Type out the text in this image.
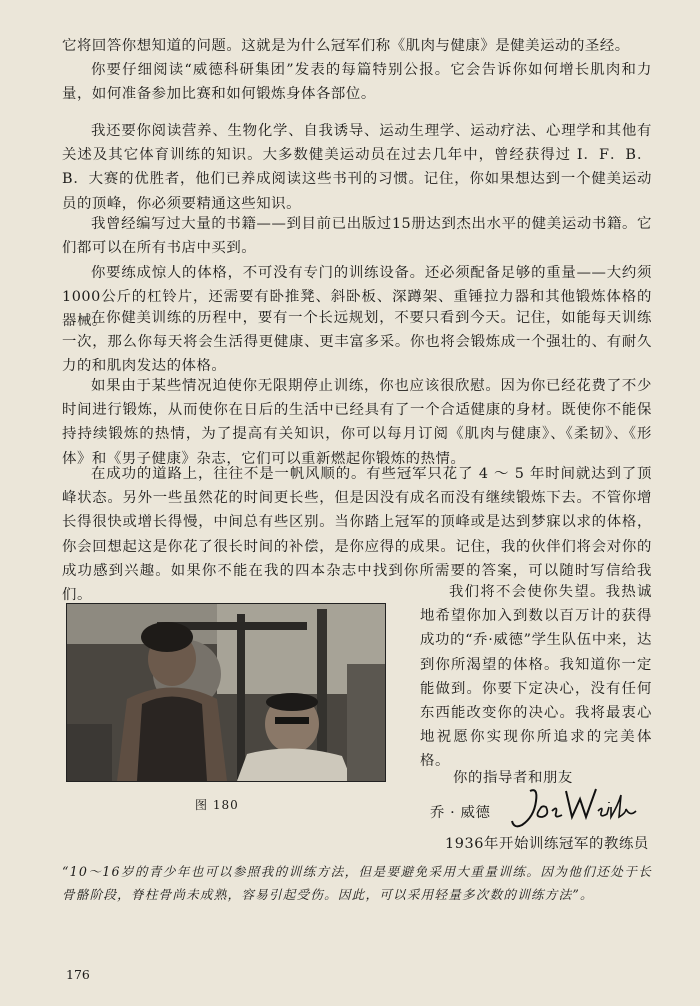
它将回答你想知道的问题。这就是为什么冠军们称《肌肉与健康》是健美运动的圣经。

你要仔细阅读“威德科研集团”发表的每篇特别公报。它会告诉你如何增长肌肉和力量，如何准备参加比赛和如何锻炼身体各部位。

我还要你阅读营养、生物化学、自我诱导、运动生理学、运动疗法、心理学和其他有关述及其它体育训练的知识。大多数健美运动员在过去几年中，曾经获得过 I．F．B．B．大赛的优胜者，他们已养成阅读这些书刊的习惯。记住，你如果想达到一个健美运动员的顶峰，你必须要精通这些知识。

我曾经编写过大量的书籍——到目前已出版过15册达到杰出水平的健美运动书籍。它们都可以在所有书店中买到。

你要练成惊人的体格，不可没有专门的训练设备。还必须配备足够的重量——大约须1000公斤的杠铃片，还需要有卧推凳、斜卧板、深蹲架、重锤拉力器和其他锻炼体格的器械。

在你健美训练的历程中，要有一个长远规划，不要只看到今天。记住，如能每天训练一次，那么你每天将会生活得更健康、更丰富多采。你也将会锻炼成一个强壮的、有耐久力的和肌肉发达的体格。

如果由于某些情况迫使你无限期停止训练，你也应该很欣慰。因为你已经花费了不少时间进行锻炼，从而使你在日后的生活中已经具有了一个合适健康的身材。既使你不能保持持续锻炼的热情，为了提高有关知识，你可以每月订阅《肌肉与健康》、《柔韧》、《形体》和《男子健康》杂志，它们可以重新燃起你锻炼的热情。

在成功的道路上，往往不是一帆风顺的。有些冠军只花了 4 ～ 5 年时间就达到了顶峰状态。另外一些虽然花的时间更长些，但是因没有成名而没有继续锻炼下去。不管你增长得很快或增长得慢，中间总有些区别。当你踏上冠军的顶峰或是达到梦寐以求的体格，你会回想起这是你花了很长时间的补偿，是你应得的成果。记住，我的伙伴们将会对你的成功感到兴趣。如果你不能在我的四本杂志中找到你所需要的答案，可以随时写信给我们。	我们将不会使你失望。我热诚地希望你加入到数以百万计的获得成功的“乔·威德”学生队伍中来，达到你所渴望的体格。我知道你一定能做到。你要下定决心，没有任何东西能改变你的决心。我将最衷心地祝愿你实现你所追求的完美体格。

图 180
你的指导者和朋友
乔 · 威德
1936年开始训练冠军的教练员

“10～16岁的青少年也可以参照我的训练方法，但是要避免采用大重量训练。因为他们还处于长骨骼阶段，脊柱骨尚未成熟，容易引起受伤。因此，可以采用轻量多次数的训练方法”。

176
